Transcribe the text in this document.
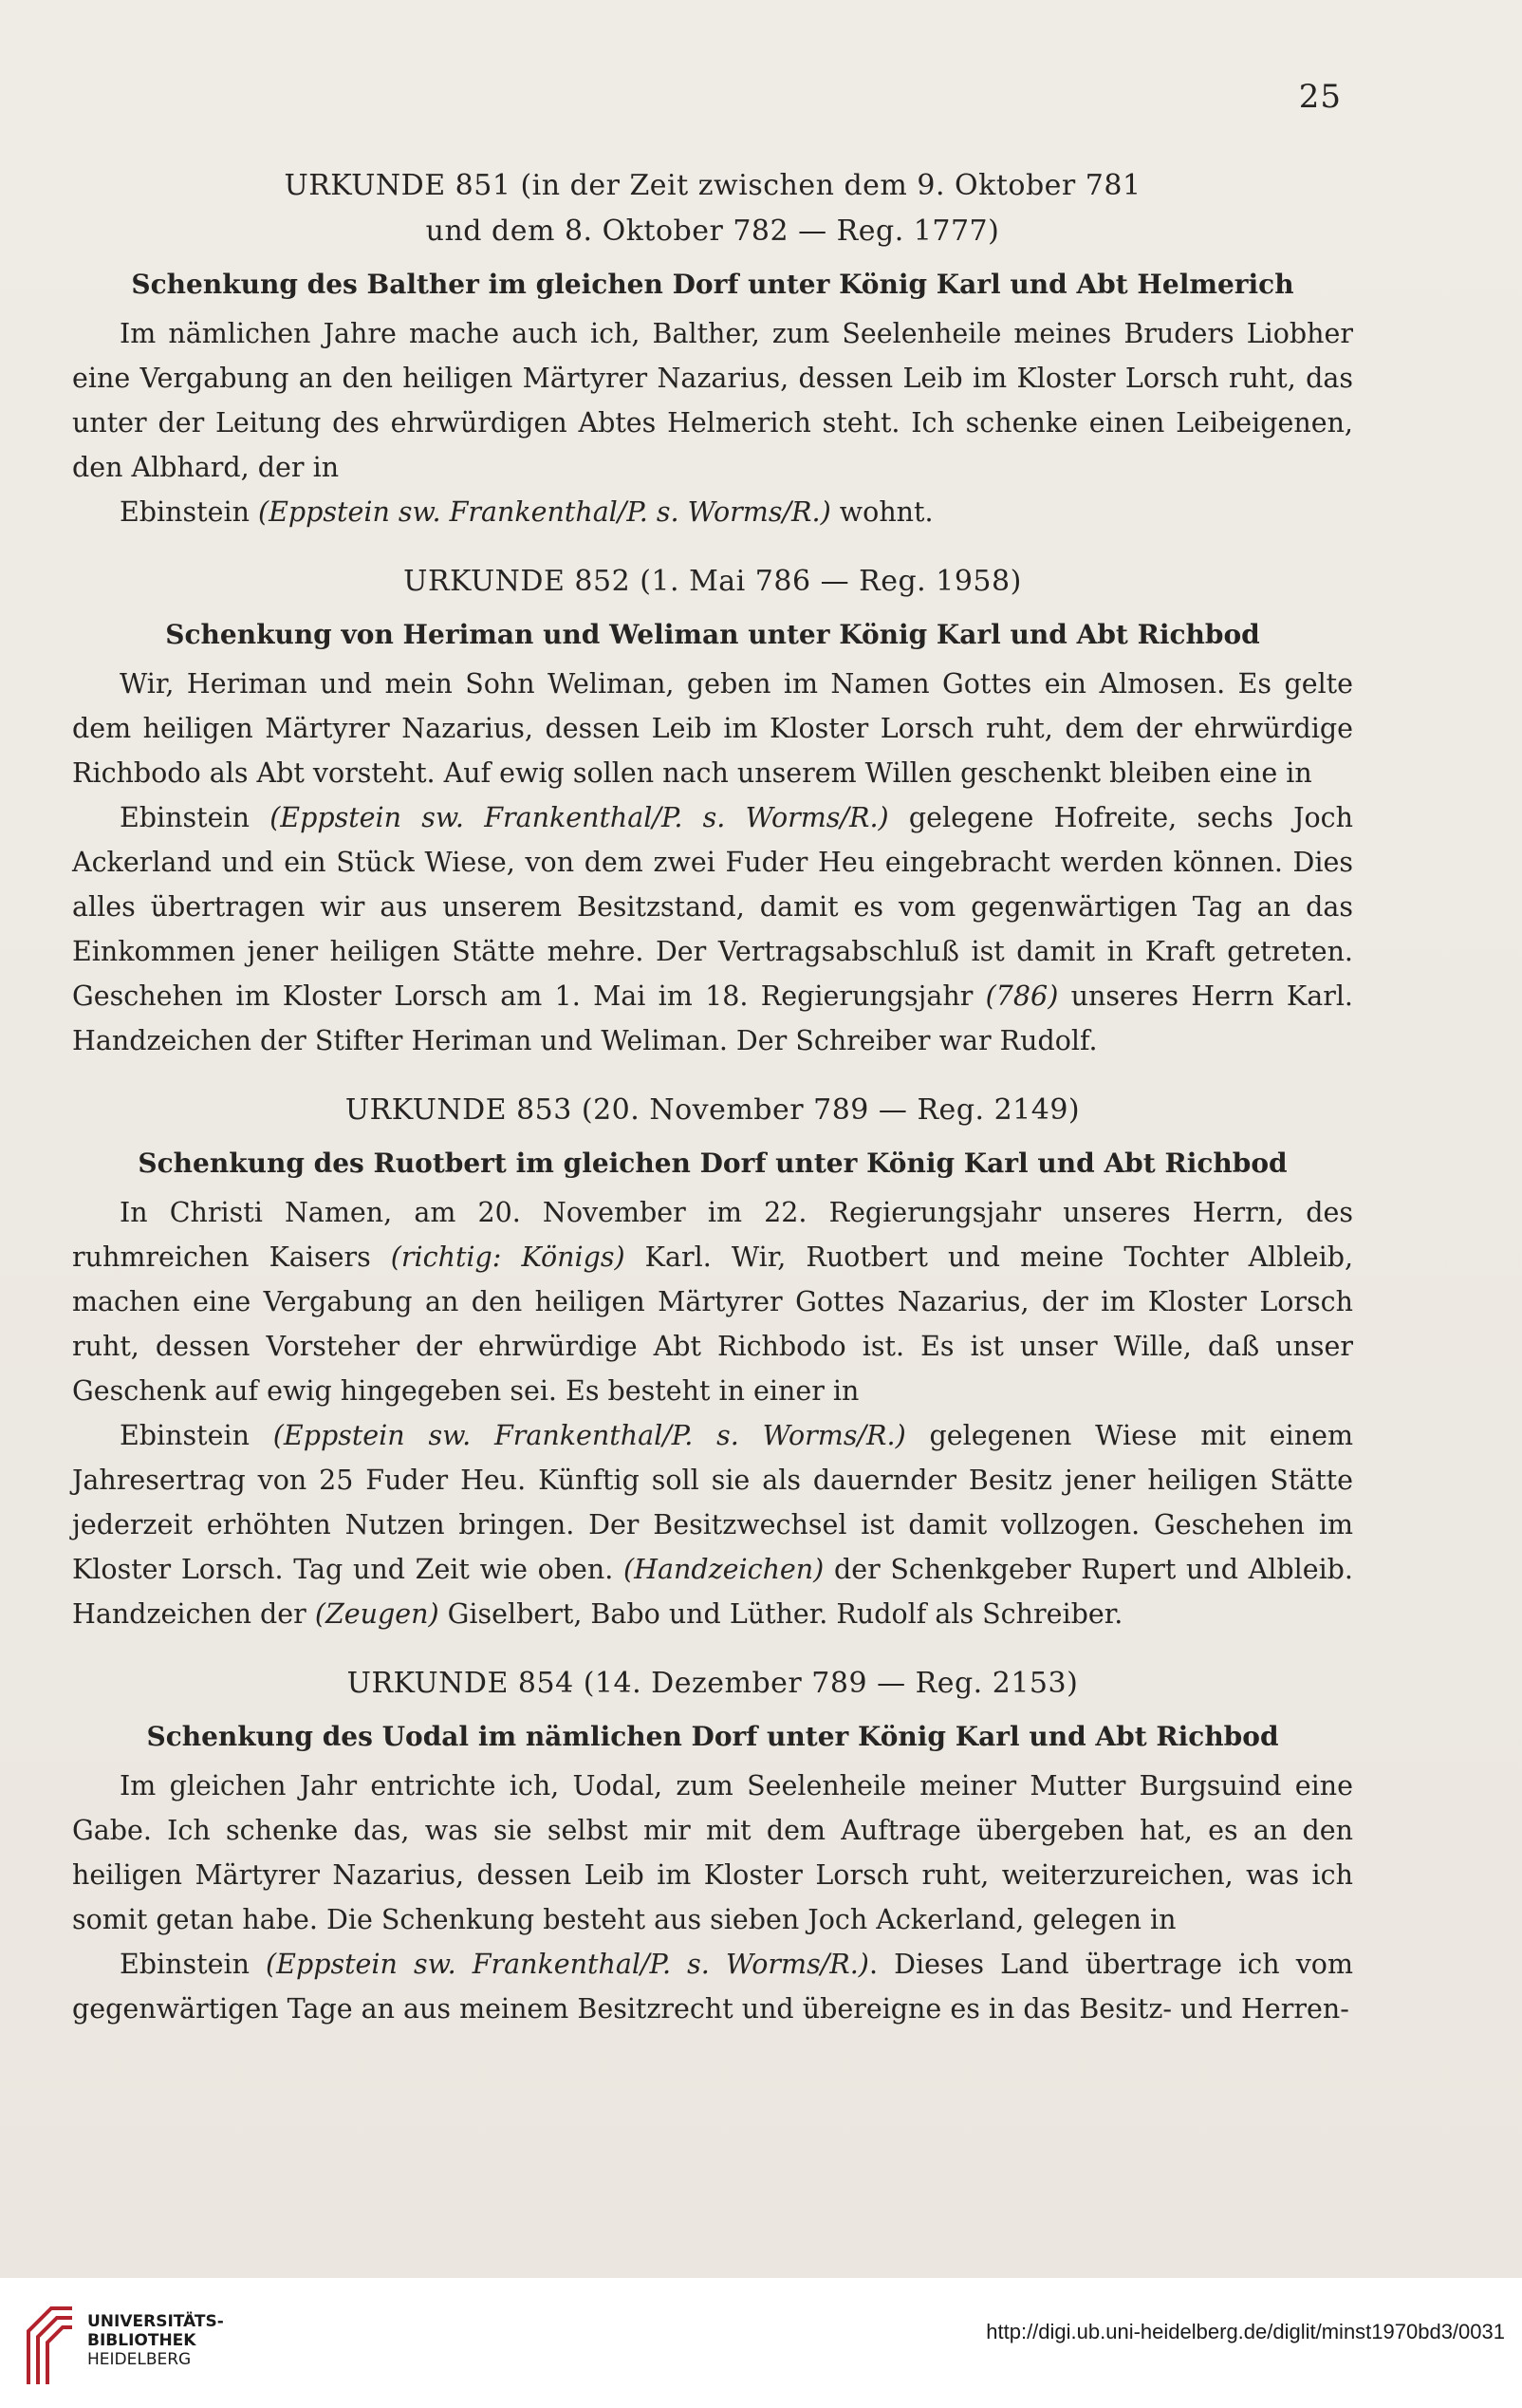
25
URKUNDE 851 (in der Zeit zwischen dem 9. Oktober 781
und dem 8. Oktober 782 — Reg. 1777)
Schenkung des Balther im gleichen Dorf unter König Karl und Abt Helmerich

Im nämlichen Jahre mache auch ich, Balther, zum Seelenheile meines Bruders Liobher eine Vergabung an den heiligen Märtyrer Nazarius, dessen Leib im Kloster Lorsch ruht, das unter der Leitung des ehrwürdigen Abtes Helmerich steht. Ich schenke einen Leibeigenen, den Albhard, der in

Ebinstein (Eppstein sw. Frankenthal/P. s. Worms/R.) wohnt.

URKUNDE 852 (1. Mai 786 — Reg. 1958)
Schenkung von Heriman und Weliman unter König Karl und Abt Richbod

Wir, Heriman und mein Sohn Weliman, geben im Namen Gottes ein Almosen. Es gelte dem heiligen Märtyrer Nazarius, dessen Leib im Kloster Lorsch ruht, dem der ehrwürdige Richbodo als Abt vorsteht. Auf ewig sollen nach unserem Willen geschenkt bleiben eine in

Ebinstein (Eppstein sw. Frankenthal/P. s. Worms/R.) gelegene Hofreite, sechs Joch Ackerland und ein Stück Wiese, von dem zwei Fuder Heu eingebracht werden können. Dies alles übertragen wir aus unserem Besitzstand, damit es vom gegenwärtigen Tag an das Einkommen jener heiligen Stätte mehre. Der Vertragsabschluß ist damit in Kraft getreten. Geschehen im Kloster Lorsch am 1. Mai im 18. Regierungsjahr (786) unseres Herrn Karl. Handzeichen der Stifter Heriman und Weliman. Der Schreiber war Rudolf.

URKUNDE 853 (20. November 789 — Reg. 2149)
Schenkung des Ruotbert im gleichen Dorf unter König Karl und Abt Richbod

In Christi Namen, am 20. November im 22. Regierungsjahr unseres Herrn, des ruhmreichen Kaisers (richtig: Königs) Karl. Wir, Ruotbert und meine Tochter Albleib, machen eine Vergabung an den heiligen Märtyrer Gottes Nazarius, der im Kloster Lorsch ruht, dessen Vorsteher der ehrwürdige Abt Richbodo ist. Es ist unser Wille, daß unser Geschenk auf ewig hingegeben sei. Es besteht in einer in

Ebinstein (Eppstein sw. Frankenthal/P. s. Worms/R.) gelegenen Wiese mit einem Jahresertrag von 25 Fuder Heu. Künftig soll sie als dauernder Besitz jener heiligen Stätte jederzeit erhöhten Nutzen bringen. Der Besitzwechsel ist damit vollzogen. Geschehen im Kloster Lorsch. Tag und Zeit wie oben. (Handzeichen) der Schenkgeber Rupert und Albleib. Handzeichen der (Zeugen) Giselbert, Babo und Lüther. Rudolf als Schreiber.

URKUNDE 854 (14. Dezember 789 — Reg. 2153)
Schenkung des Uodal im nämlichen Dorf unter König Karl und Abt Richbod

Im gleichen Jahr entrichte ich, Uodal, zum Seelenheile meiner Mutter Burgsuind eine Gabe. Ich schenke das, was sie selbst mir mit dem Auftrage übergeben hat, es an den heiligen Märtyrer Nazarius, dessen Leib im Kloster Lorsch ruht, weiterzureichen, was ich somit getan habe. Die Schenkung besteht aus sieben Joch Ackerland, gelegen in

Ebinstein (Eppstein sw. Frankenthal/P. s. Worms/R.). Dieses Land übertrage ich vom gegenwärtigen Tage an aus meinem Besitzrecht und übereigne es in das Besitz- und Herren-

UNIVERSITÄTS-
BIBLIOTHEK
HEIDELBERG
http://digi.ub.uni-heidelberg.de/diglit/minst1970bd3/0031
